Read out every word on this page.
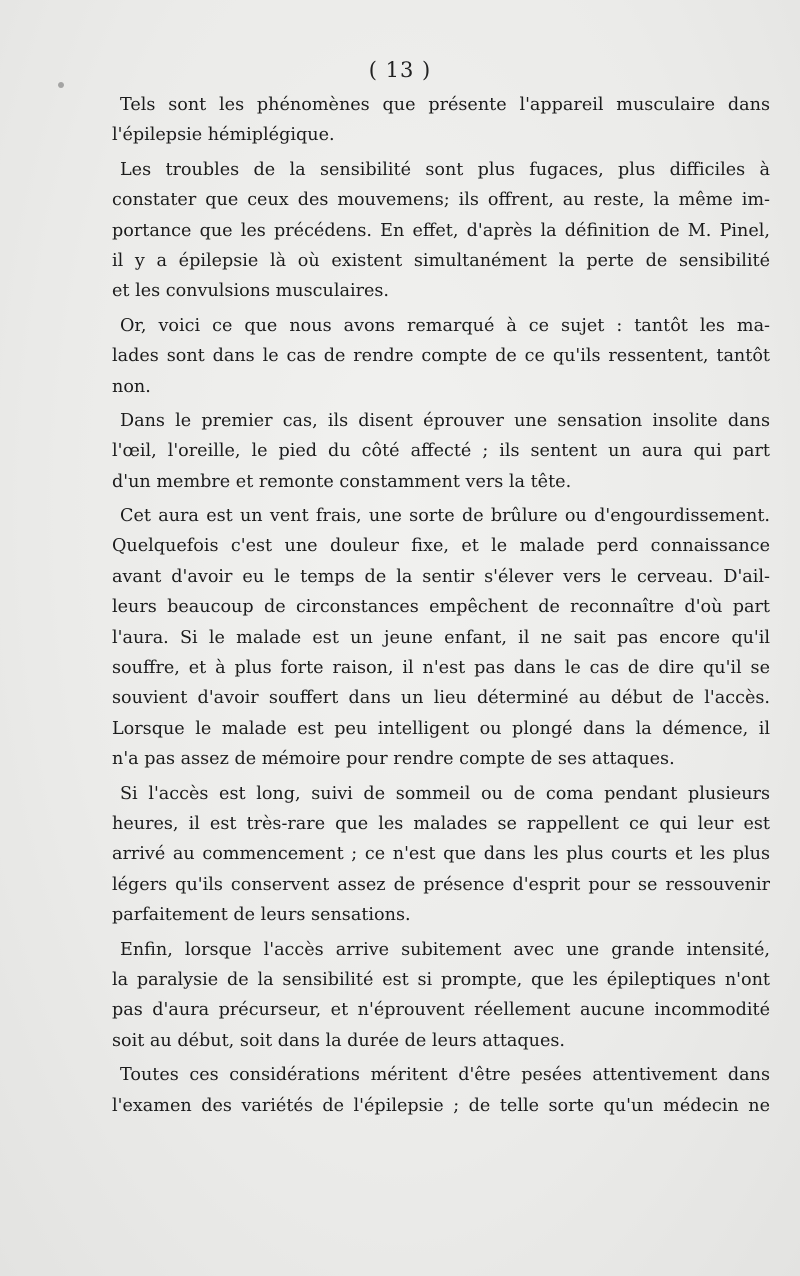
( 13 )
Tels sont les phénomènes que présente l'appareil musculaire dans
l'épilepsie hémiplégique.
Les troubles de la sensibilité sont plus fugaces, plus difficiles à
constater que ceux des mouvemens; ils offrent, au reste, la même im-
portance que les précédens. En effet, d'après la définition de M. Pinel,
il y a épilepsie là où existent simultanément la perte de sensibilité
et les convulsions musculaires.
Or, voici ce que nous avons remarqué à ce sujet : tantôt les ma-
lades sont dans le cas de rendre compte de ce qu'ils ressentent, tantôt
non.
Dans le premier cas, ils disent éprouver une sensation insolite dans
l'œil, l'oreille, le pied du côté affecté ; ils sentent un aura qui part
d'un membre et remonte constamment vers la tête.
Cet aura est un vent frais, une sorte de brûlure ou d'engourdissement.
Quelquefois c'est une douleur fixe, et le malade perd connaissance
avant d'avoir eu le temps de la sentir s'élever vers le cerveau. D'ail-
leurs beaucoup de circonstances empêchent de reconnaître d'où part
l'aura. Si le malade est un jeune enfant, il ne sait pas encore qu'il
souffre, et à plus forte raison, il n'est pas dans le cas de dire qu'il se
souvient d'avoir souffert dans un lieu déterminé au début de l'accès.
Lorsque le malade est peu intelligent ou plongé dans la démence, il
n'a pas assez de mémoire pour rendre compte de ses attaques.
Si l'accès est long, suivi de sommeil ou de coma pendant plusieurs
heures, il est très-rare que les malades se rappellent ce qui leur est
arrivé au commencement ; ce n'est que dans les plus courts et les plus
légers qu'ils conservent assez de présence d'esprit pour se ressouvenir
parfaitement de leurs sensations.
Enfin, lorsque l'accès arrive subitement avec une grande intensité,
la paralysie de la sensibilité est si prompte, que les épileptiques n'ont
pas d'aura précurseur, et n'éprouvent réellement aucune incommodité
soit au début, soit dans la durée de leurs attaques.
Toutes ces considérations méritent d'être pesées attentivement dans
l'examen des variétés de l'épilepsie ; de telle sorte qu'un médecin ne
